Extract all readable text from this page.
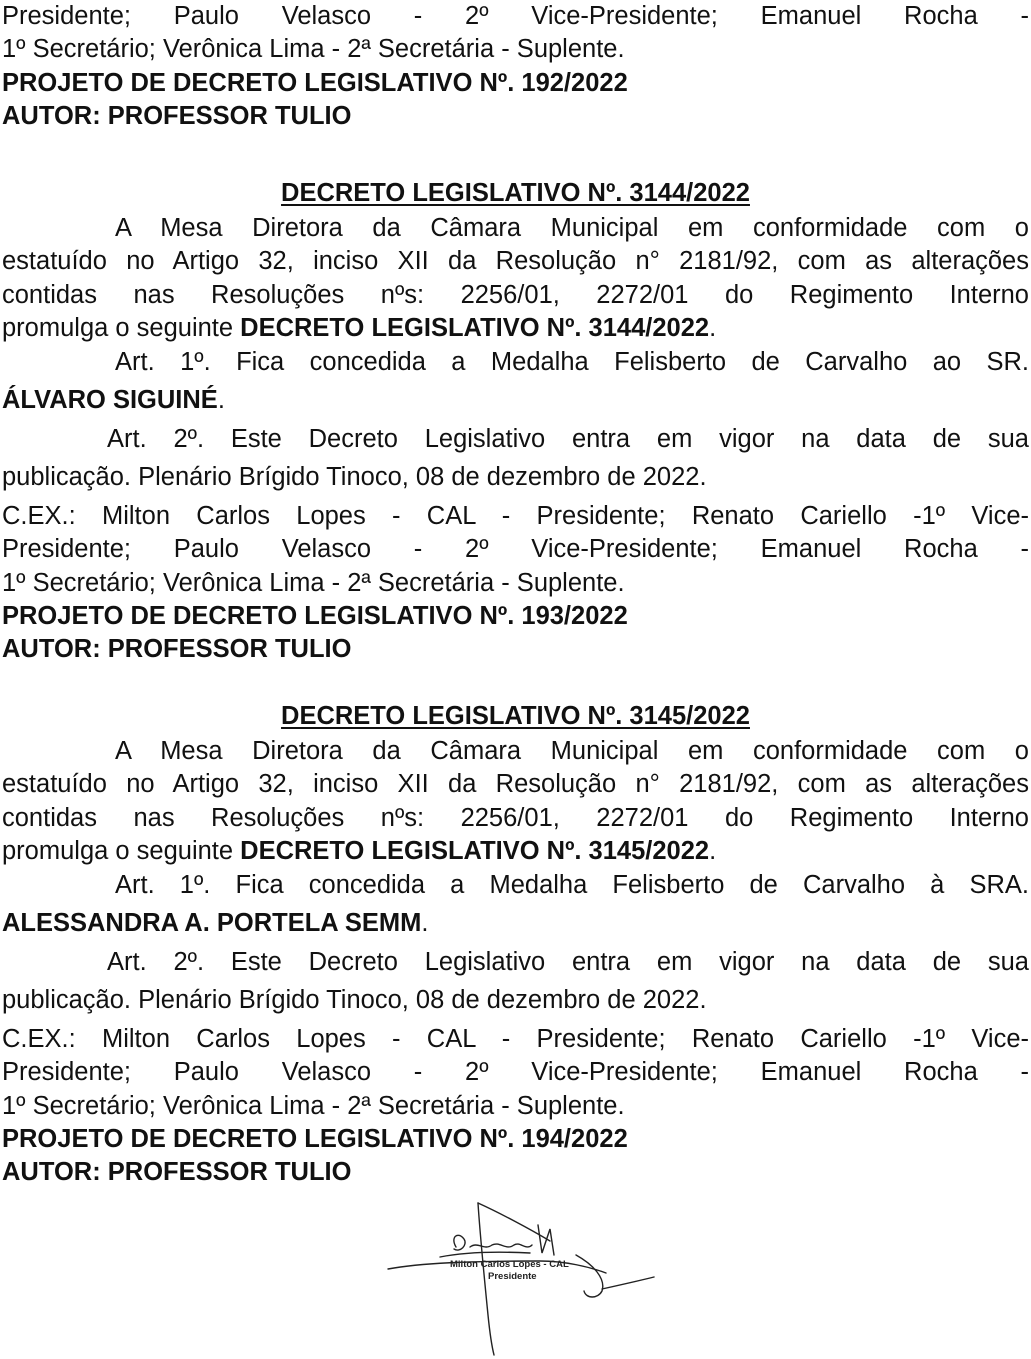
Presidente; Paulo Velasco - 2º Vice-Presidente; Emanuel Rocha -
1º Secretário; Verônica Lima - 2ª Secretária - Suplente.
PROJETO DE DECRETO LEGISLATIVO Nº. 192/2022
AUTOR: PROFESSOR TULIO
DECRETO LEGISLATIVO Nº. 3144/2022
A Mesa Diretora da Câmara Municipal em conformidade com o
estatuído no Artigo 32, inciso XII da Resolução n° 2181/92, com as alterações
contidas nas Resoluções nºs: 2256/01, 2272/01 do Regimento Interno
promulga o seguinte DECRETO LEGISLATIVO Nº. 3144/2022.
Art. 1º. Fica concedida a Medalha Felisberto de Carvalho ao SR.
ÁLVARO SIGUINÉ.
Art. 2º. Este Decreto Legislativo entra em vigor na data de sua
publicação. Plenário Brígido Tinoco, 08 de dezembro de 2022.
C.EX.: Milton Carlos Lopes - CAL - Presidente; Renato Cariello -1º Vice-
Presidente; Paulo Velasco - 2º Vice-Presidente; Emanuel Rocha -
1º Secretário; Verônica Lima - 2ª Secretária - Suplente.
PROJETO DE DECRETO LEGISLATIVO Nº. 193/2022
AUTOR: PROFESSOR TULIO
DECRETO LEGISLATIVO Nº. 3145/2022
A Mesa Diretora da Câmara Municipal em conformidade com o
estatuído no Artigo 32, inciso XII da Resolução n° 2181/92, com as alterações
contidas nas Resoluções nºs: 2256/01, 2272/01 do Regimento Interno
promulga o seguinte DECRETO LEGISLATIVO Nº. 3145/2022.
Art. 1º. Fica concedida a Medalha Felisberto de Carvalho à SRA.
ALESSANDRA A. PORTELA SEMM.
Art. 2º. Este Decreto Legislativo entra em vigor na data de sua
publicação. Plenário Brígido Tinoco, 08 de dezembro de 2022.
C.EX.: Milton Carlos Lopes - CAL - Presidente; Renato Cariello -1º Vice-
Presidente; Paulo Velasco - 2º Vice-Presidente; Emanuel Rocha -
1º Secretário; Verônica Lima - 2ª Secretária - Suplente.
PROJETO DE DECRETO LEGISLATIVO Nº. 194/2022
AUTOR: PROFESSOR TULIO
Milton Carlos Lopes - CAL
Presidente
